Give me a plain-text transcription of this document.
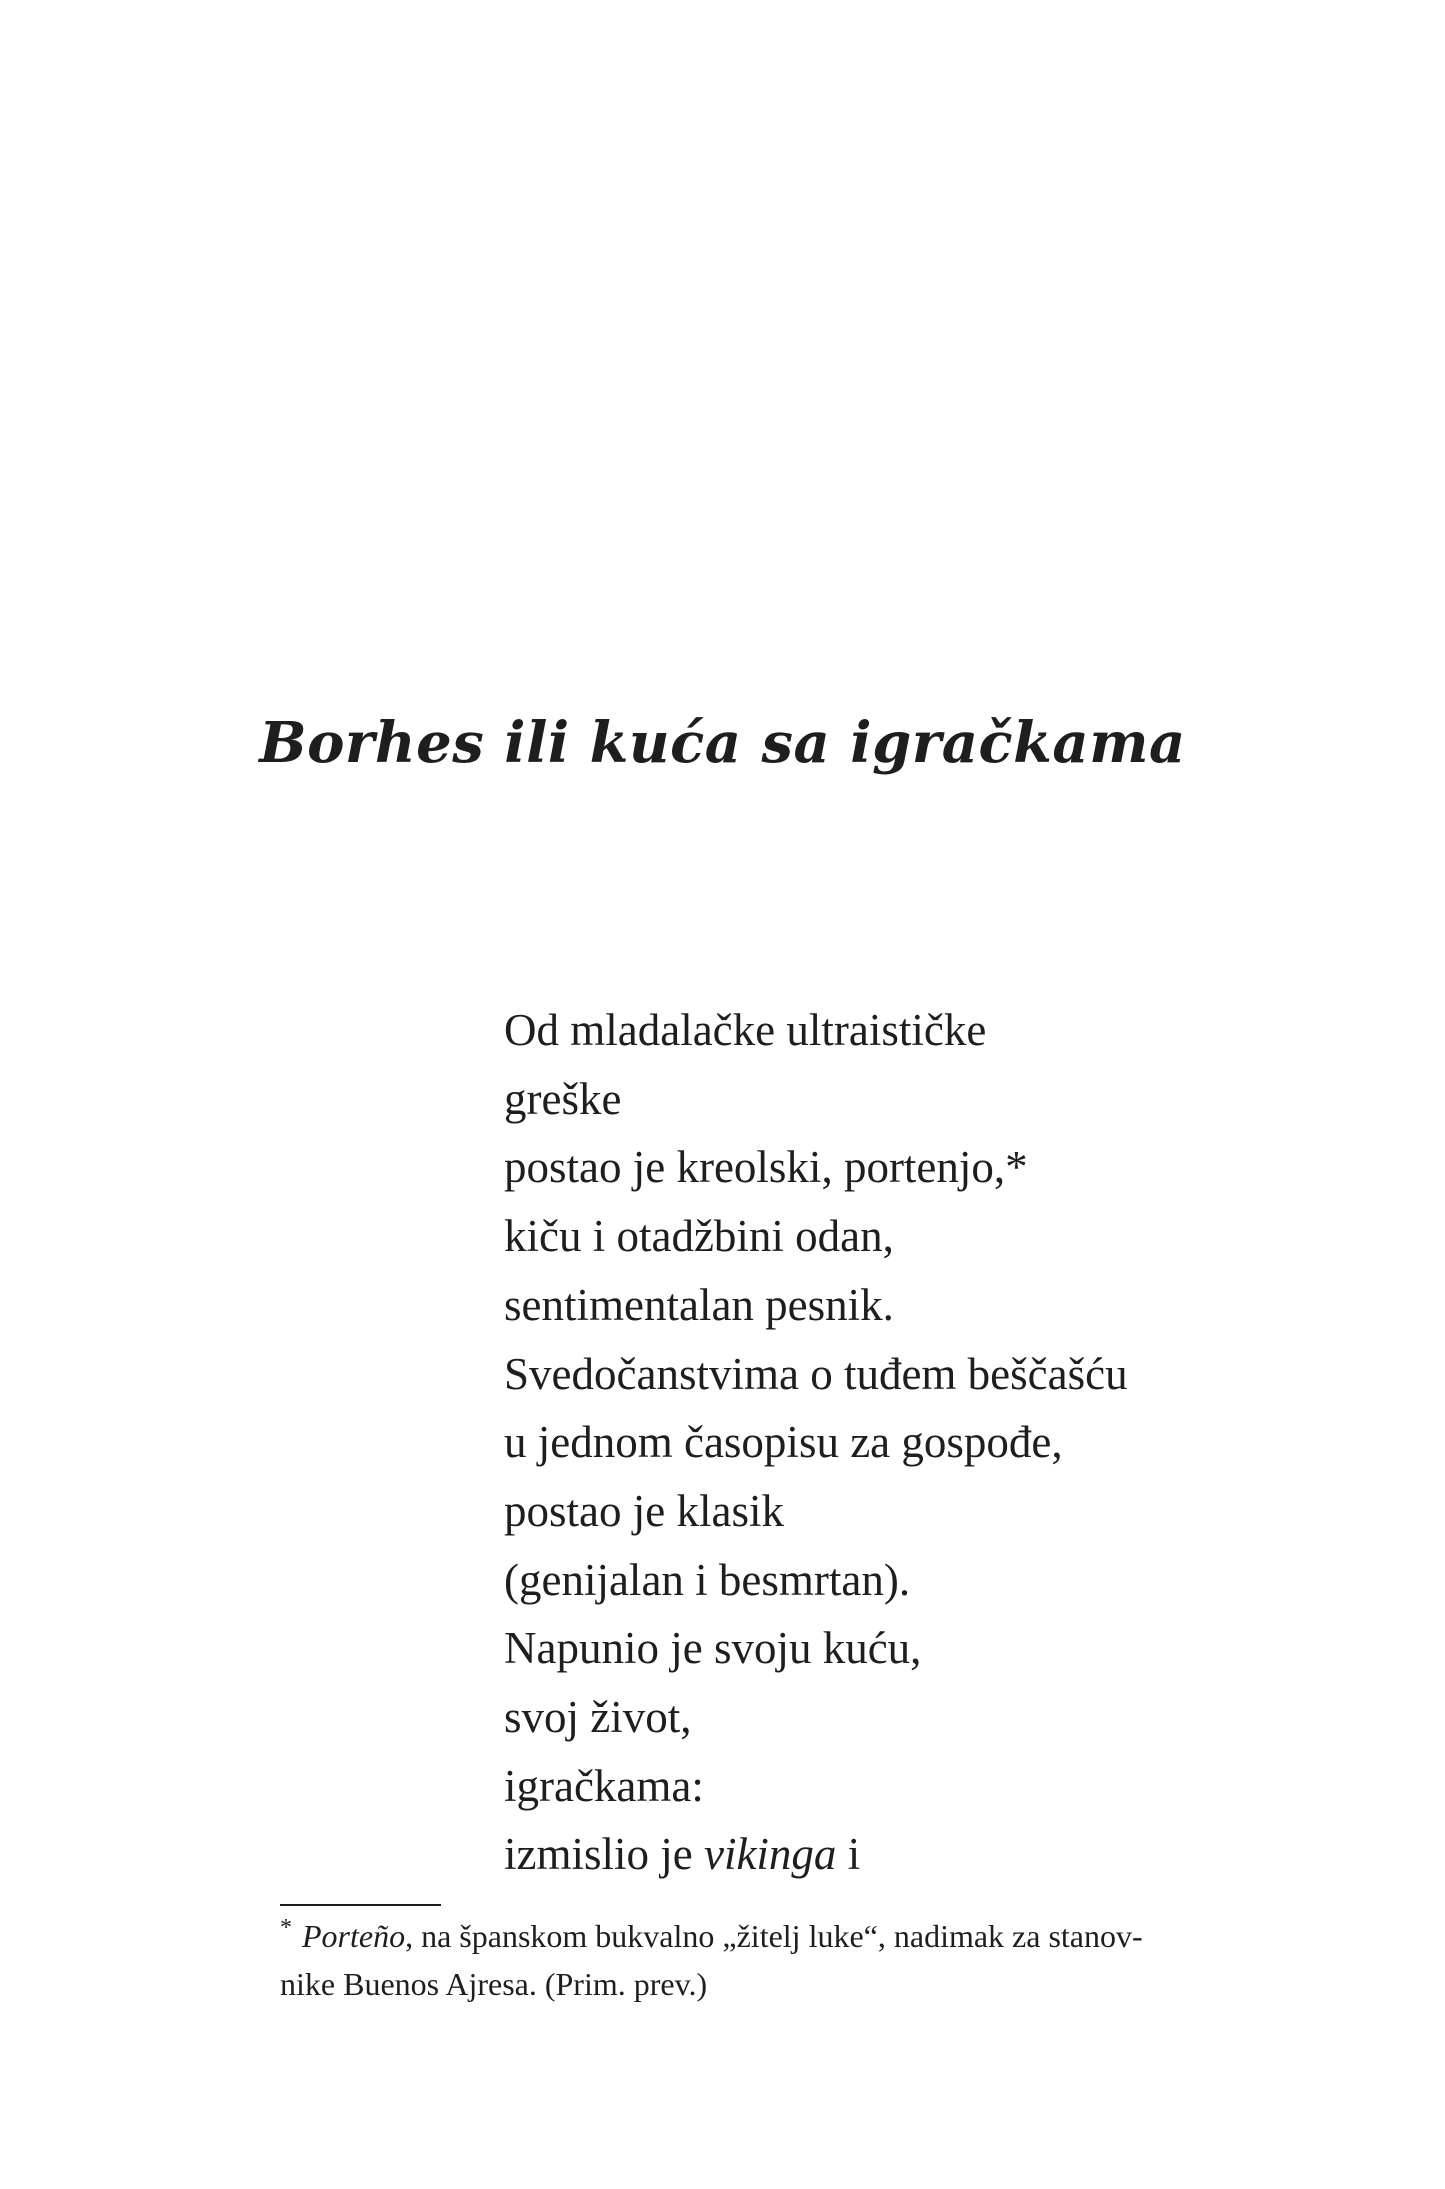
Borhes ili kuća sa igračkama
Od mladalačke ultraističke
greške
postao je kreolski, portenjo,*
kiču i otadžbini odan,
sentimentalan pesnik.
Svedočanstvima o tuđem beščašću
u jednom časopisu za gospođe,
postao je klasik
(genijalan i besmrtan).
Napunio je svoju kuću,
svoj život,
igračkama:
izmislio je vikinga i
* Porteño, na španskom bukvalno „žitelj luke“, nadimak za stanov-
nike Buenos Ajresa. (Prim. prev.)
